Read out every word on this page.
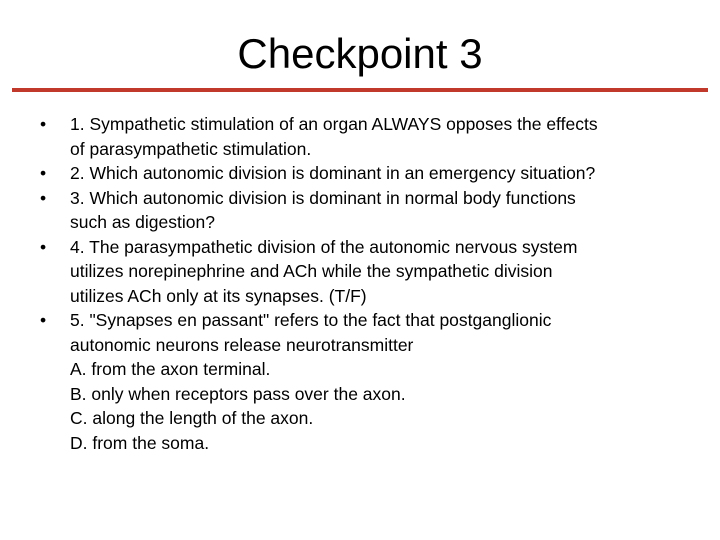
Checkpoint 3
•	1. Sympathetic stimulation of an organ ALWAYS opposes the effects
of parasympathetic stimulation.
•	2. Which autonomic division is dominant in an emergency situation?
•	3. Which autonomic division is dominant in normal body functions
such as digestion?
•	4. The parasympathetic division of the autonomic nervous system
utilizes norepinephrine and ACh while the sympathetic division
utilizes ACh only at its synapses. (T/F)
•	5. "Synapses en passant" refers to the fact that postganglionic
autonomic neurons release neurotransmitter
A. from the axon terminal.
B. only when receptors pass over the axon.
C. along the length of the axon.
D. from the soma.
